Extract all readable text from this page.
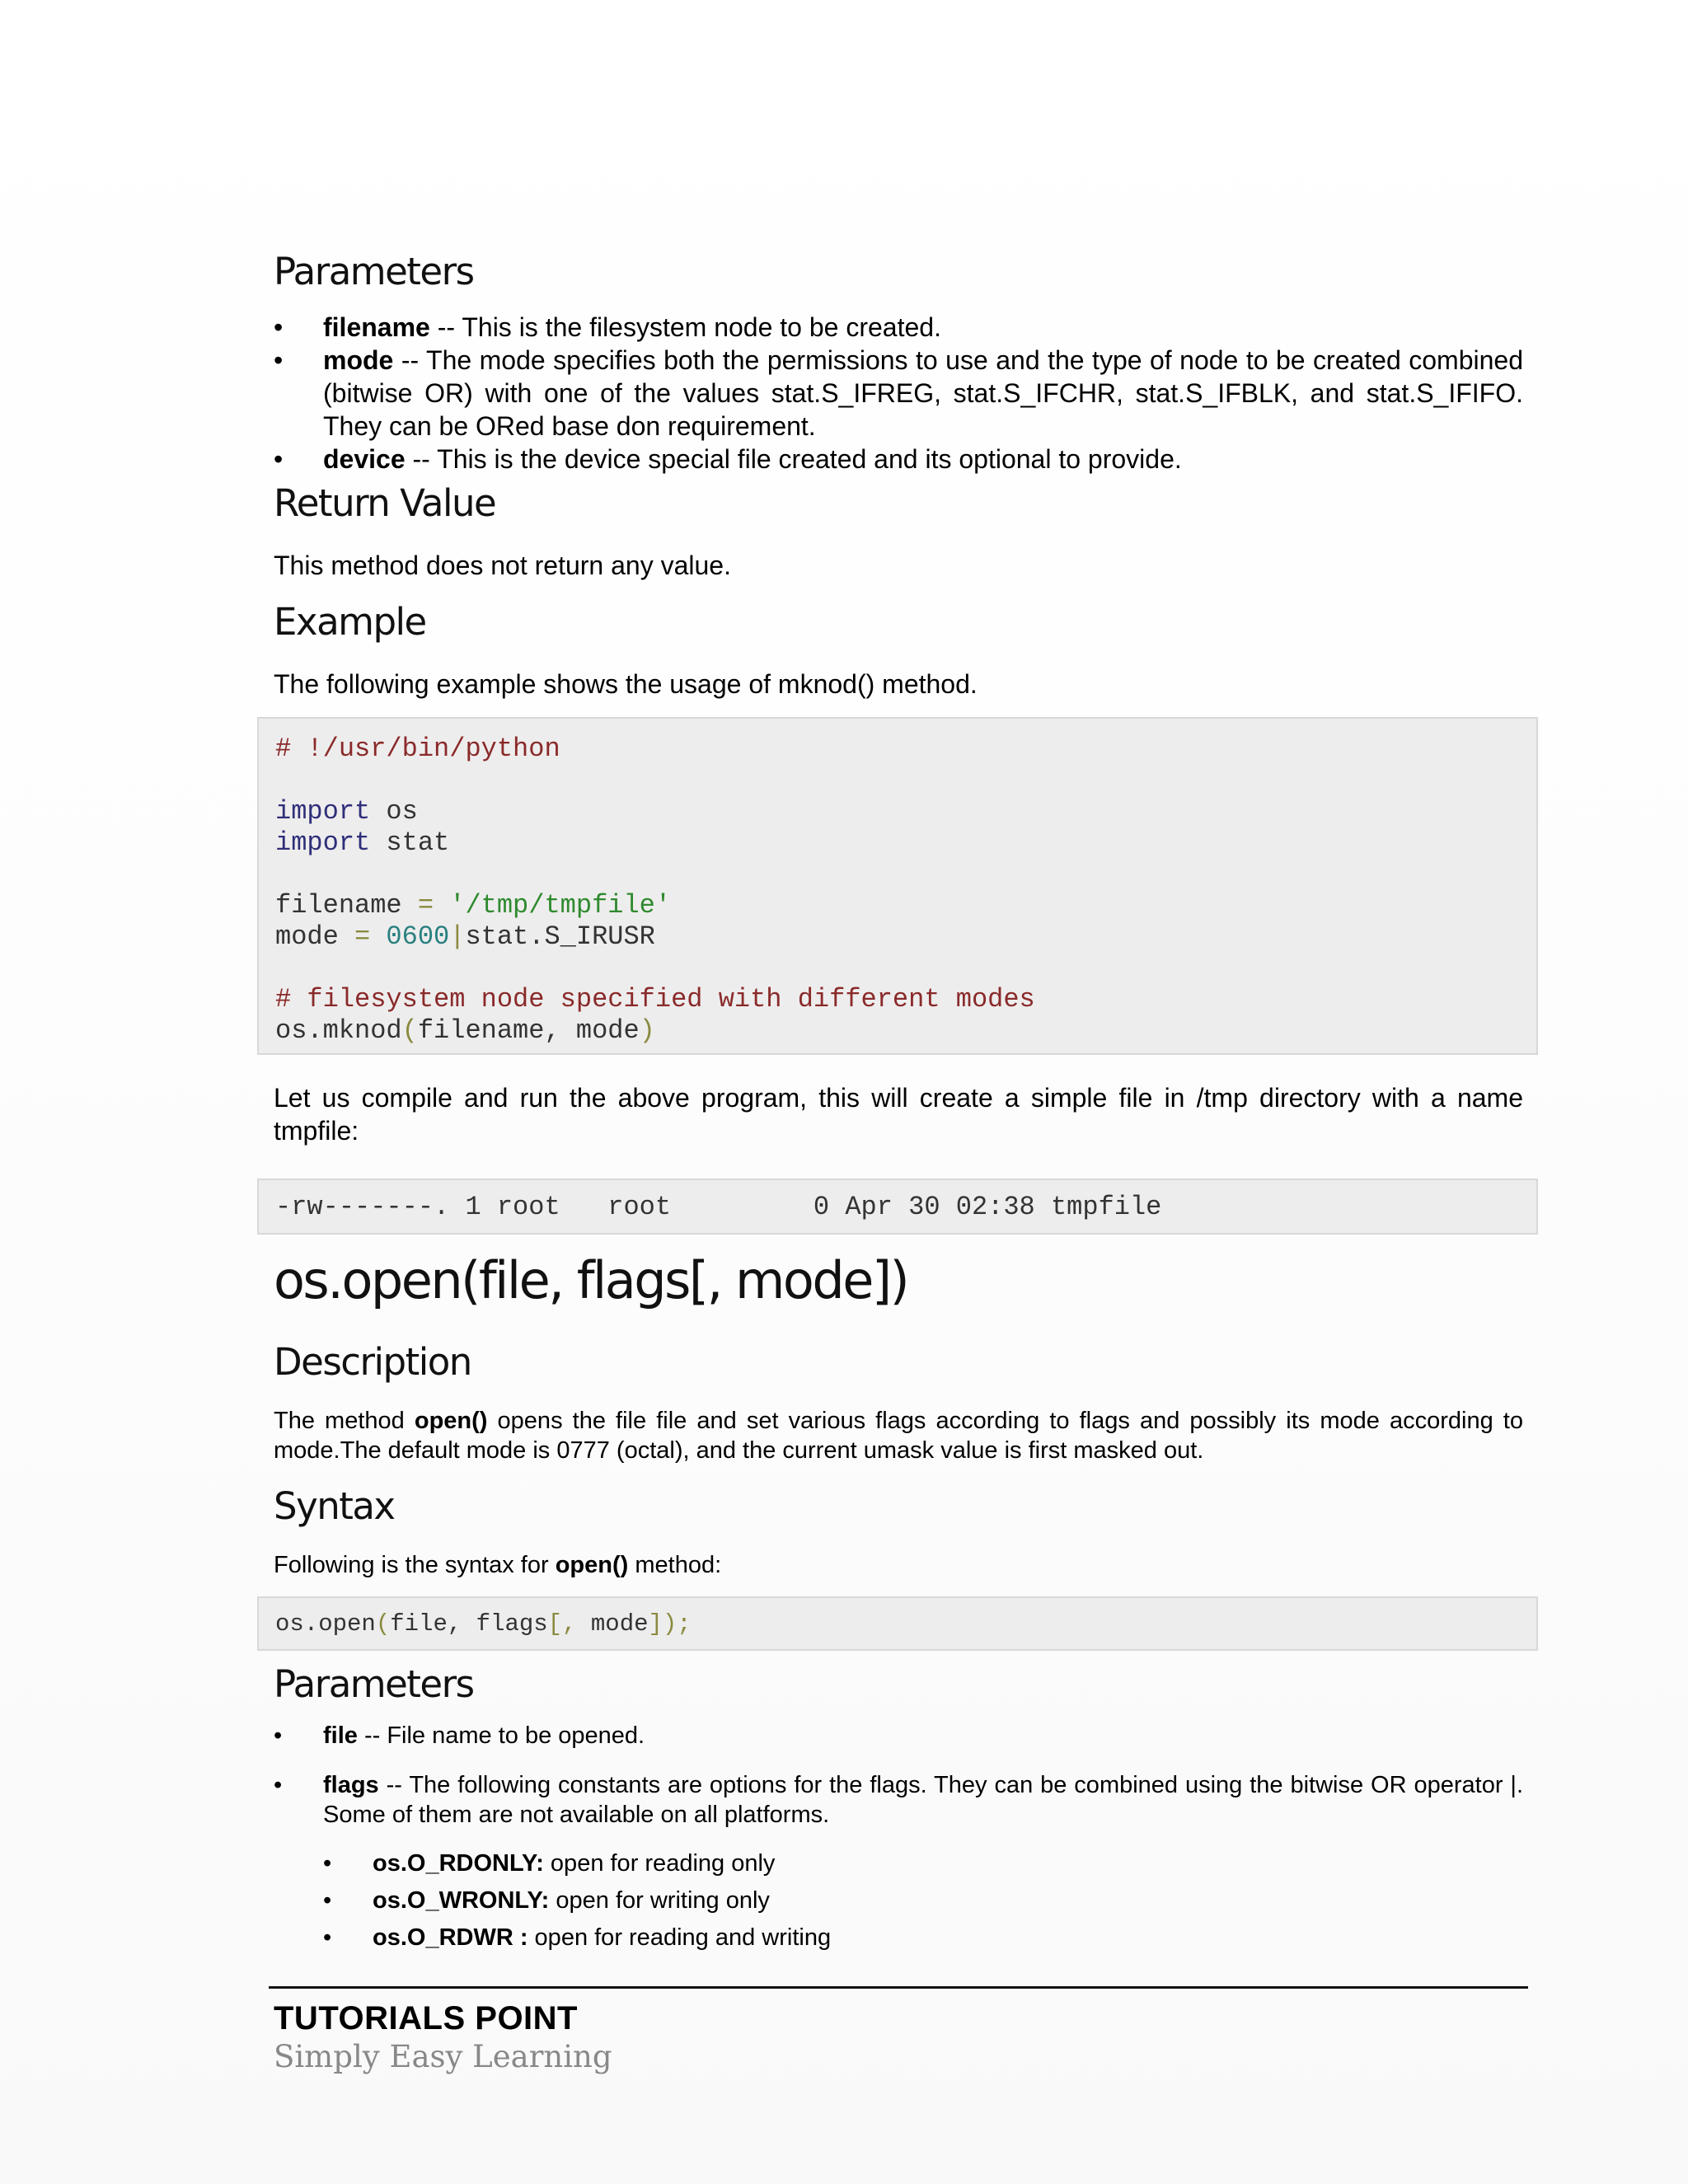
Parameters
• filename -- This is the filesystem node to be created.
• mode -- The mode specifies both the permissions to use and the type of node to be created combined (bitwise OR) with one of the values stat.S_IFREG, stat.S_IFCHR, stat.S_IFBLK, and stat.S_IFIFO. They can be ORed base don requirement.
• device -- This is the device special file created and its optional to provide.
Return Value

This method does not return any value.

Example

The following example shows the usage of mknod() method.

Let us compile and run the above program, this will create a simple file in /tmp directory with a name tmpfile:

os.open(file, flags[, mode])
Description

The method open() opens the file file and set various flags according to flags and possibly its mode according to mode.The default mode is 0777 (octal), and the current umask value is first masked out.

Syntax

Following is the syntax for open() method:

Parameters
• file -- File name to be opened.
• flags -- The following constants are options for the flags. They can be combined using the bitwise OR operator |. Some of them are not available on all platforms.
• os.O_RDONLY: open for reading only
• os.O_WRONLY: open for writing only
• os.O_RDWR : open for reading and writing
# !/usr/bin/python
import os
import stat
filename = '/tmp/tmpfile'
mode = 0600|stat.S_IRUSR
# filesystem node specified with different modes
os.mknod(filename, mode)
-rw-------. 1 root   root         0 Apr 30 02:38 tmpfile
os.open(file, flags[, mode]);
TUTORIALS POINT
Simply Easy Learning
